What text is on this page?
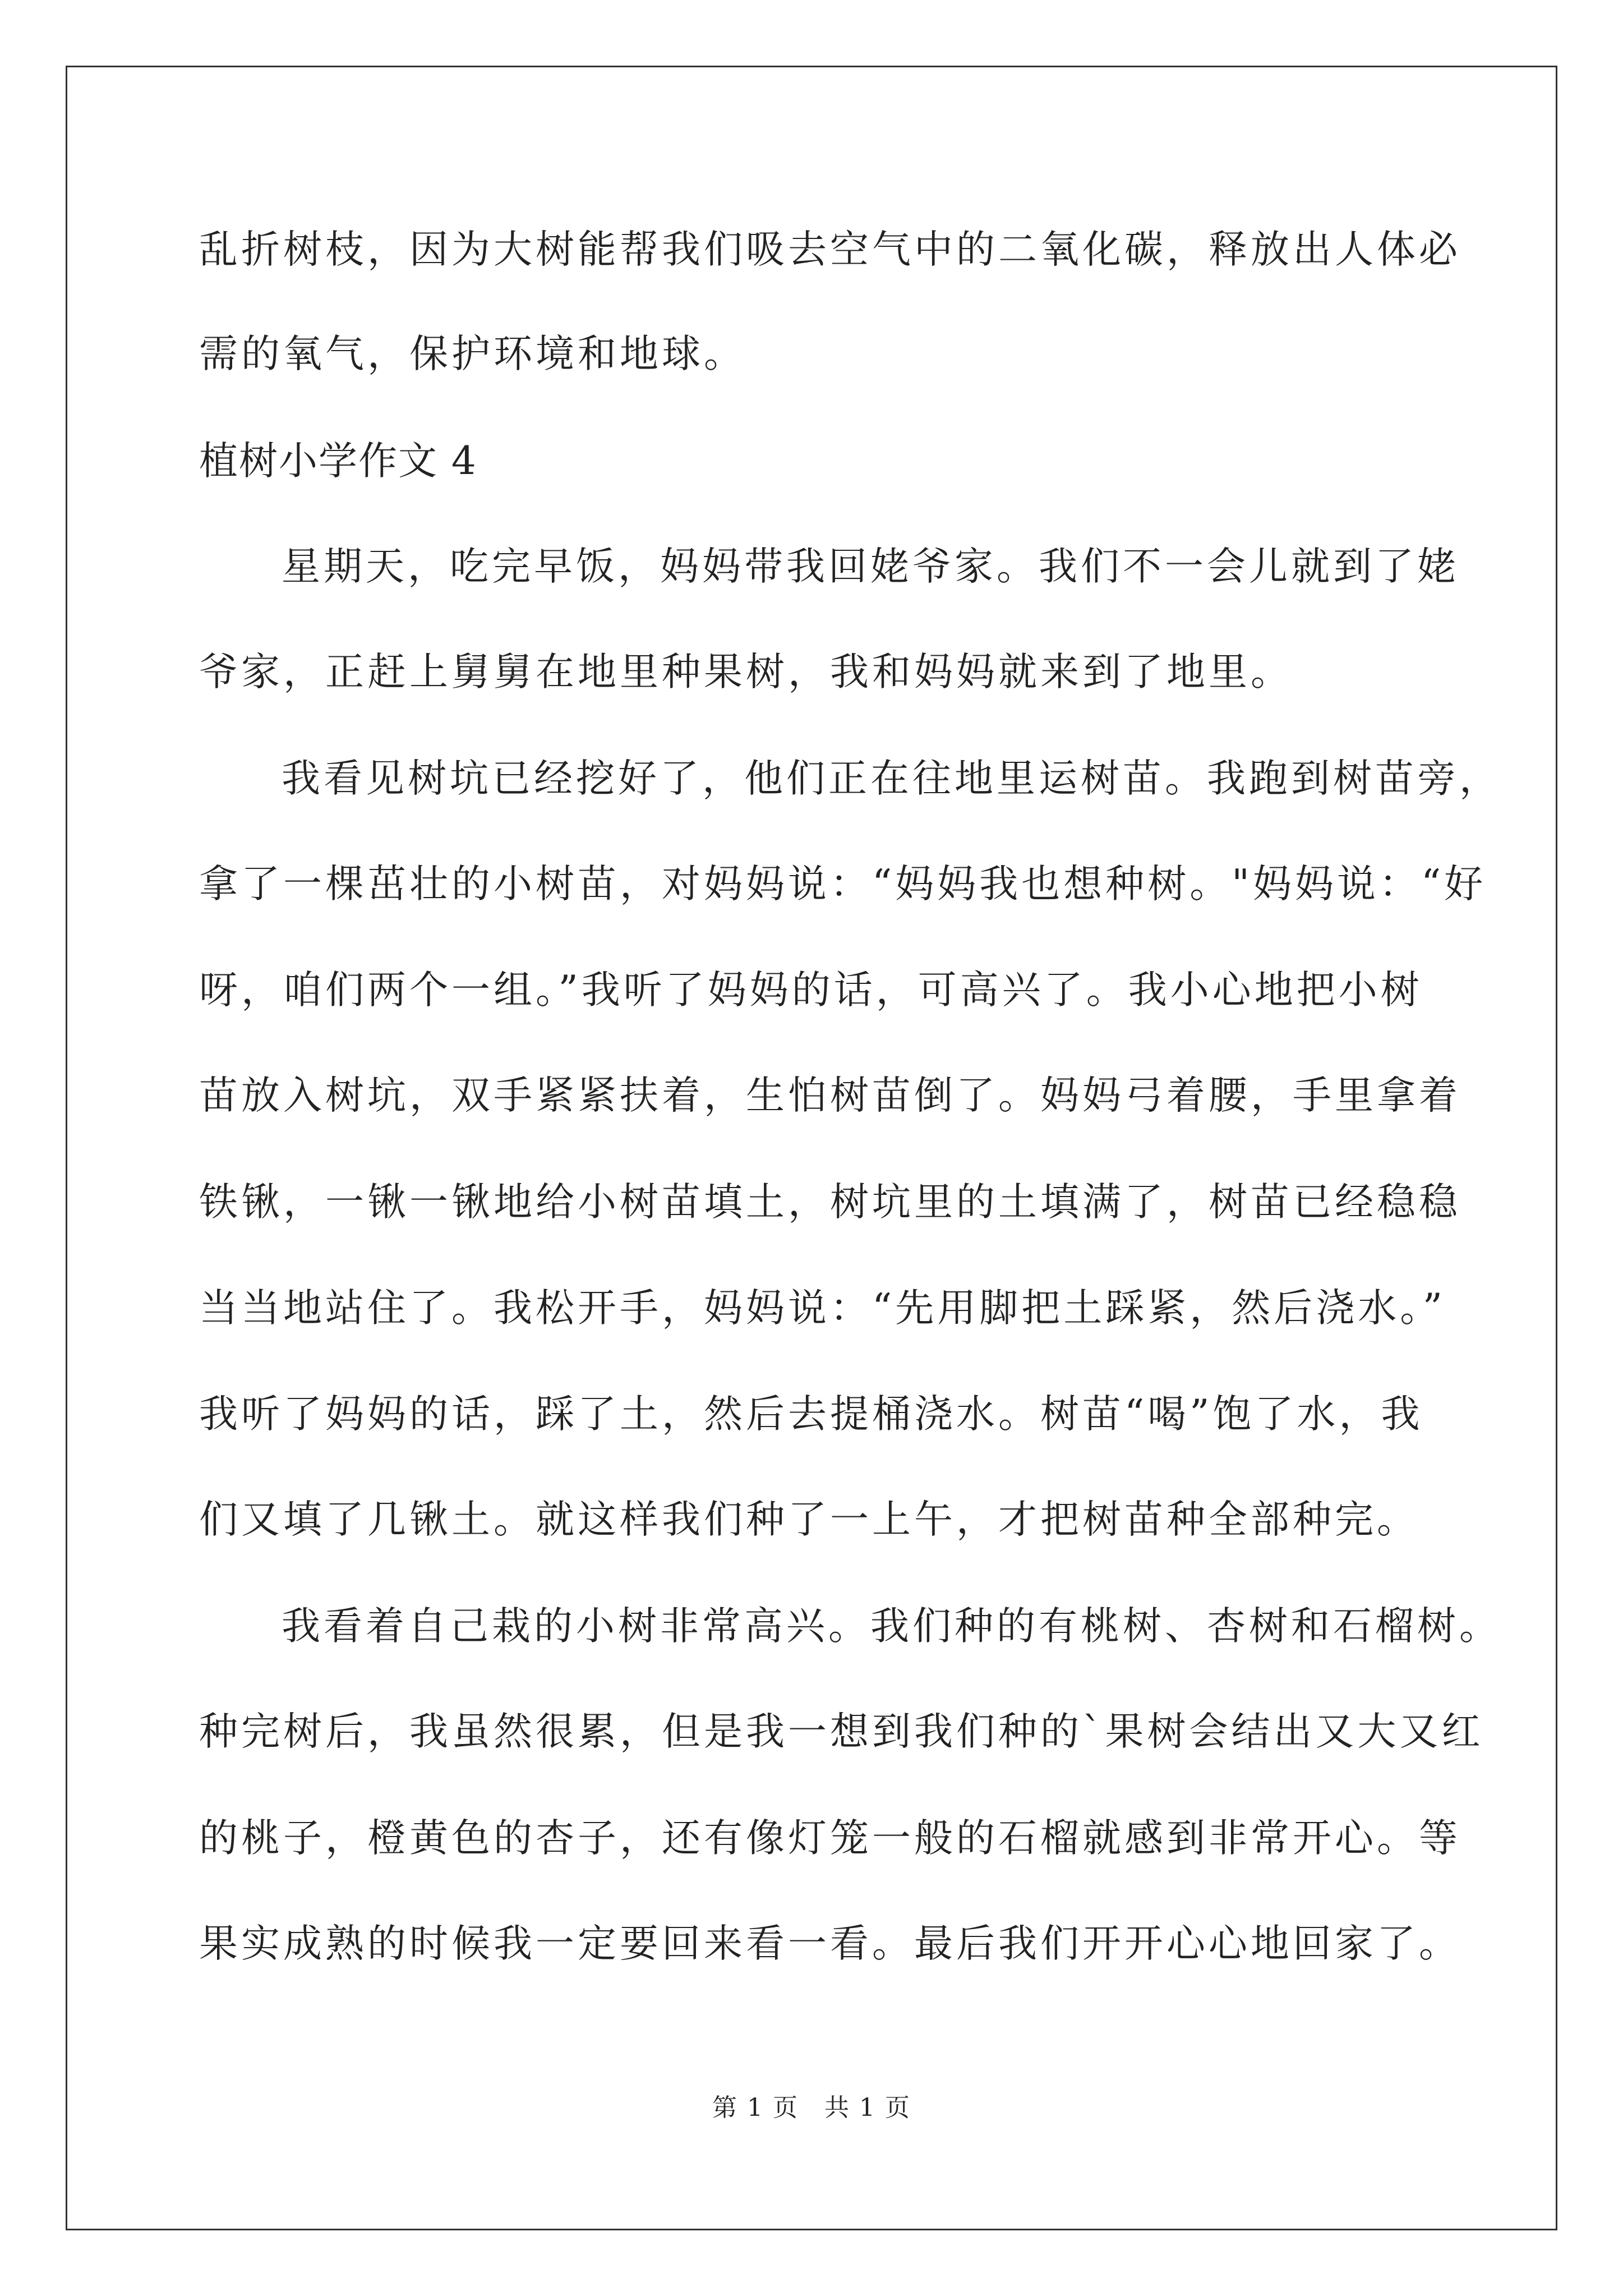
乱折树枝，因为大树能帮我们吸去空气中的二氧化碳，释放出人体必

需的氧气，保护环境和地球。

植树小学作文 4

星期天，吃完早饭，妈妈带我回姥爷家。我们不一会儿就到了姥

爷家，正赶上舅舅在地里种果树，我和妈妈就来到了地里。

我看见树坑已经挖好了，他们正在往地里运树苗。我跑到树苗旁，

拿了一棵茁壮的小树苗，对妈妈说：“妈妈我也想种树。"妈妈说：“好

呀，咱们两个一组。”我听了妈妈的话，可高兴了。我小心地把小树

苗放入树坑，双手紧紧扶着，生怕树苗倒了。妈妈弓着腰，手里拿着

铁锹，一锹一锹地给小树苗填土，树坑里的土填满了，树苗已经稳稳

当当地站住了。我松开手，妈妈说：“先用脚把土踩紧，然后浇水。”

我听了妈妈的话，踩了土，然后去提桶浇水。树苗“喝”饱了水，我

们又填了几锹土。就这样我们种了一上午，才把树苗种全部种完。

我看着自己栽的小树非常高兴。我们种的有桃树、杏树和石榴树。

种完树后，我虽然很累，但是我一想到我们种的`果树会结出又大又红

的桃子，橙黄色的杏子，还有像灯笼一般的石榴就感到非常开心。等

果实成熟的时候我一定要回来看一看。最后我们开开心心地回家了。

第 1 页　共 1 页
